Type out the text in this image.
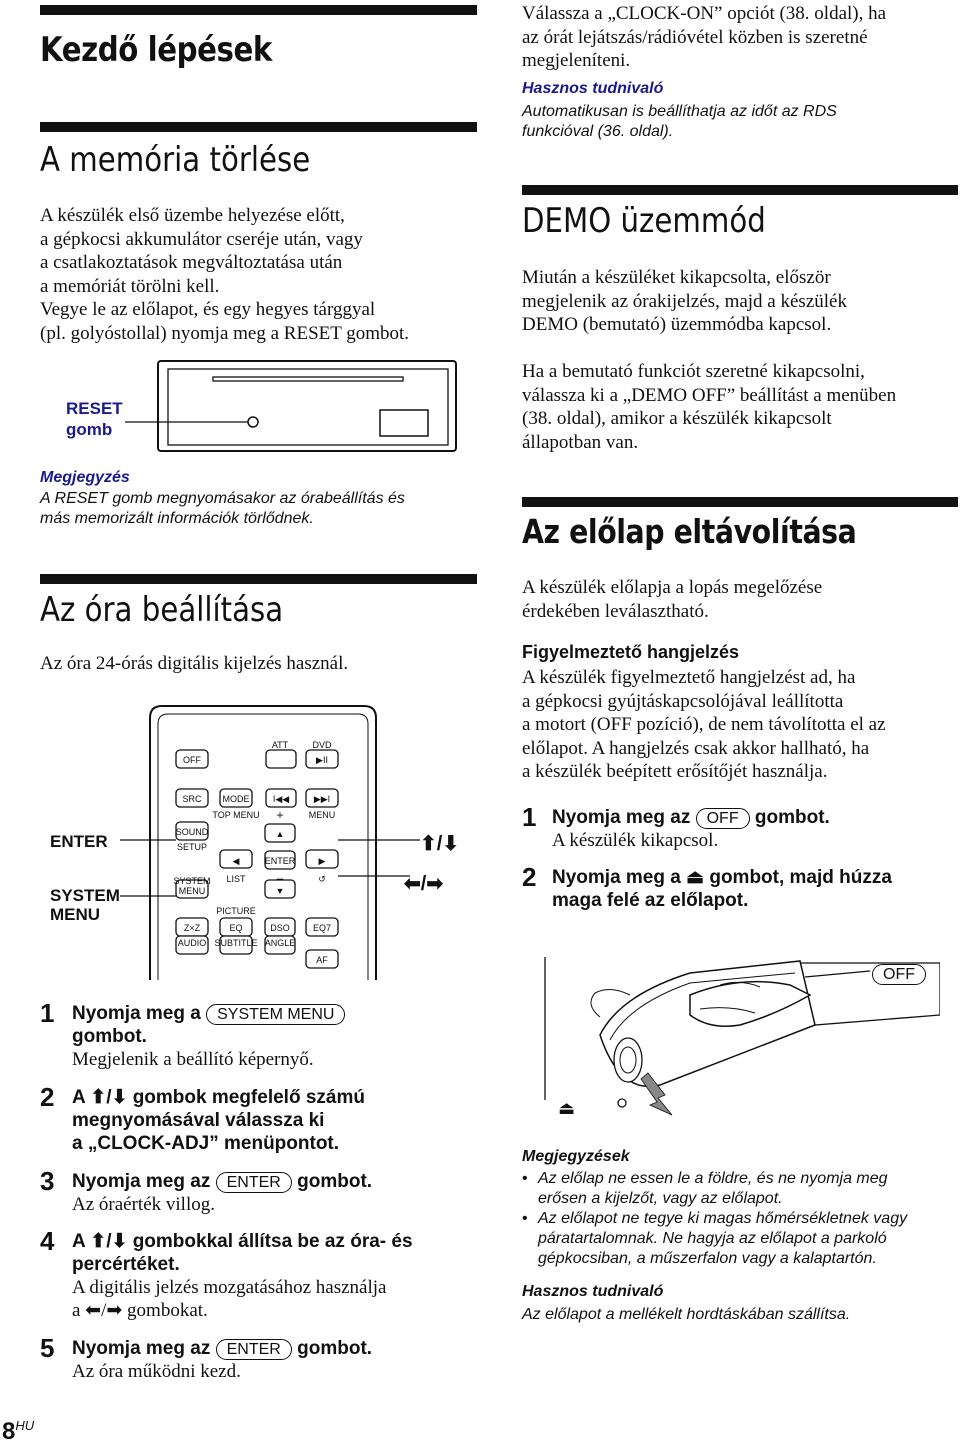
Kezdő lépések
A memória törlése
A készülék első üzembe helyezése előtt,
a gépkocsi akkumulátor cseréje után, vagy
a csatlakoztatások megváltoztatása után
a memóriát törölni kell.
Vegye le az előlapot, és egy hegyes tárggyal
(pl. golyóstollal) nyomja meg a RESET gombot.
RESET
gomb
Megjegyzés
A RESET gomb megnyomásakor az órabeállítás és
más memorizált információk törlődnek.
Az óra beállítása
Az óra 24-órás digitális kijelzés használ.
ENTER
SYSTEM
MENU
⬆/⬇
⬅/➡
OFF
ATT	DVD
▶II
SRC MODE	I◀◀	▶▶I
TOP MENU +	MENU
SOUND
SETUP
▲
◀	ENTER	▶
SYSTEM
MENU
LIST	–	↺
▼
PICTURE
Z×Z	EQ	DSO	EQ7
AUDIO SUBTITLE ANGLE
AF
1 Nyomja meg a SYSTEM MENU
gombot.
Megjelenik a beállító képernyő.
2 A ⬆/⬇ gombok megfelelő számú
megnyomásával válassza ki
a „CLOCK-ADJ” menüpontot.
3 Nyomja meg az ENTER gombot.
Az óraérték villog.
4 A ⬆/⬇ gombokkal állítsa be az óra- és
percértéket.
A digitális jelzés mozgatásához használja
a ⬅/➡ gombokat.
5 Nyomja meg az ENTER gombot.
Az óra működni kezd.
$8^{HU}$
Válassza a „CLOCK-ON” opciót (38. oldal), ha
az órát lejátszás/rádióvétel közben is szeretné
megjeleníteni.
Hasznos tudnivaló
Automatikusan is beállíthatja az időt az RDS
funkcióval (36. oldal).
DEMO üzemmód
Miután a készüléket kikapcsolta, először
megjelenik az órakijelzés, majd a készülék
DEMO (bemutató) üzemmódba kapcsol.
Ha a bemutató funkciót szeretné kikapcsolni,
válassza ki a „DEMO OFF” beállítást a menüben
(38. oldal), amikor a készülék kikapcsolt
állapotban van.
Az előlap eltávolítása
A készülék előlapja a lopás megelőzése
érdekében leválasztható.
Figyelmeztető hangjelzés
A készülék figyelmeztető hangjelzést ad, ha
a gépkocsi gyújtáskapcsolójával leállította
a motort (OFF pozíció), de nem távolította el az
előlapot. A hangjelzés csak akkor hallható, ha
a készülék beépített erősítőjét használja.
1 Nyomja meg az OFF gombot.
A készülék kikapcsol.
2 Nyomja meg a ⏏ gombot, majd húzza
maga felé az előlapot.
OFF
⏏
Megjegyzések
• Az előlap ne essen le a földre, és ne nyomja meg
erősen a kijelzőt, vagy az előlapot.
• Az előlapot ne tegye ki magas hőmérsékletnek vagy
páratartalomnak. Ne hagyja az előlapot a parkoló
gépkocsiban, a műszerfalon vagy a kalaptartón.
Hasznos tudnivaló
Az előlapot a mellékelt hordtáskában szállítsa.
